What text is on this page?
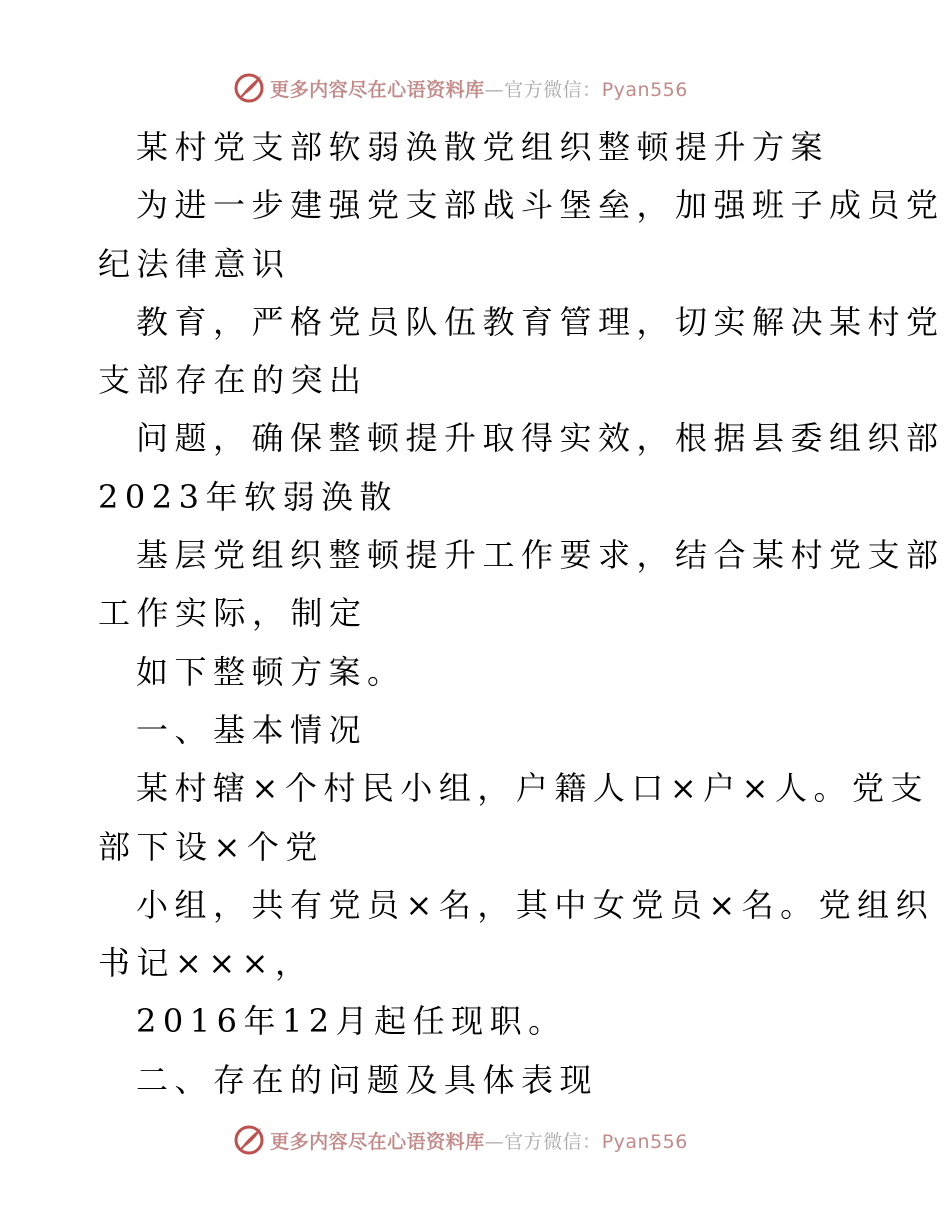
更多内容尽在心语资料库—官方微信：Pyan556
某村党支部软弱涣散党组织整顿提升方案
为进一步建强党支部战斗堡垒，加强班子成员党
纪法律意识
教育，严格党员队伍教育管理，切实解决某村党
支部存在的突出
问题，确保整顿提升取得实效，根据县委组织部
2023年软弱涣散
基层党组织整顿提升工作要求，结合某村党支部
工作实际，制定
如下整顿方案。
一、基本情况
某村辖×个村民小组，户籍人口×户×人。党支
部下设×个党
小组，共有党员×名，其中女党员×名。党组织
书记×××，
2016年12月起任现职。
二、存在的问题及具体表现
更多内容尽在心语资料库—官方微信：Pyan556
